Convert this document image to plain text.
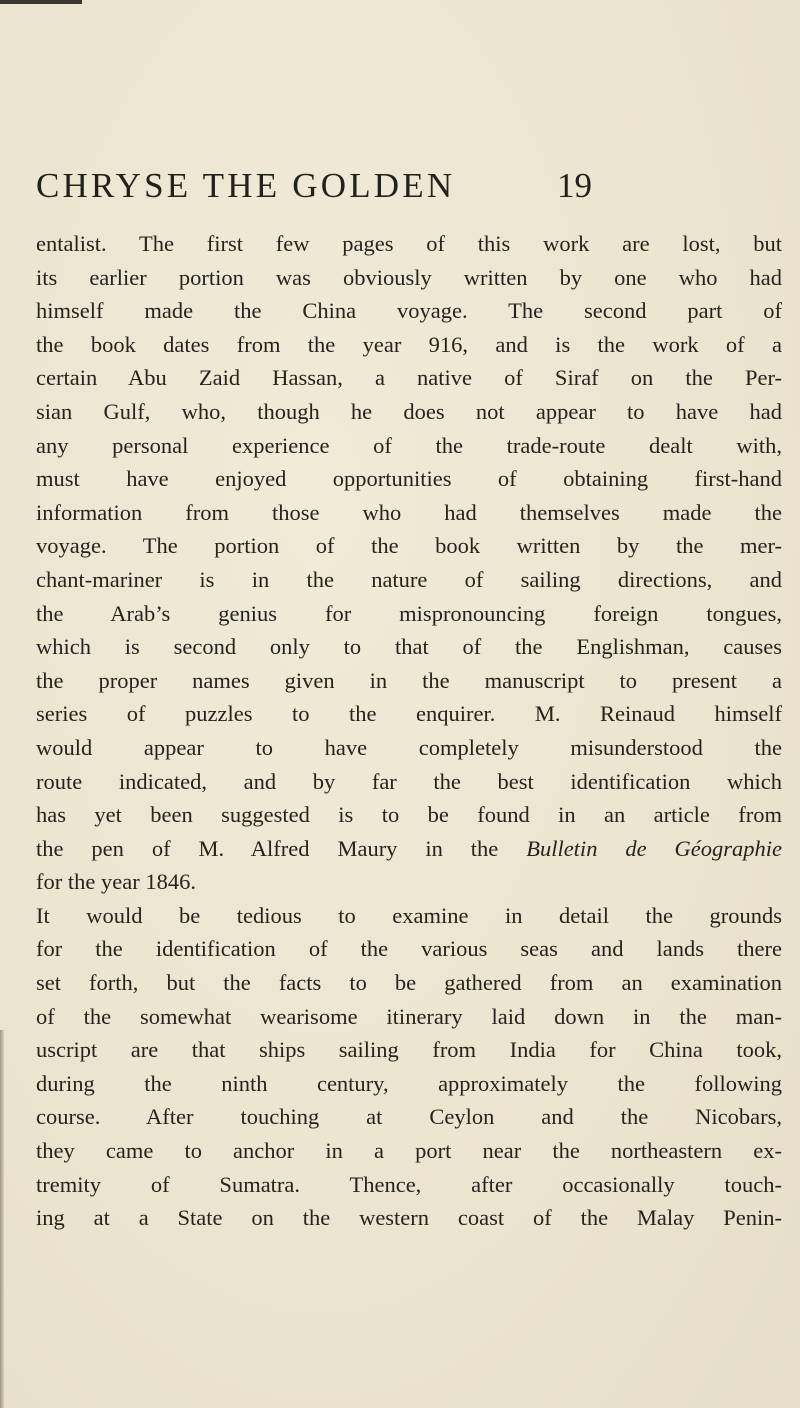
CHRYSE THE GOLDEN	19
entalist. The first few pages of this work are lost, but
its earlier portion was obviously written by one who had
himself made the China voyage. The second part of
the book dates from the year 916, and is the work of a
certain Abu Zaid Hassan, a native of Siraf on the Per-
sian Gulf, who, though he does not appear to have had
any personal experience of the trade-route dealt with,
must have enjoyed opportunities of obtaining first-hand
information from those who had themselves made the
voyage. The portion of the book written by the mer-
chant-mariner is in the nature of sailing directions, and
the Arab’s genius for mispronouncing foreign tongues,
which is second only to that of the Englishman, causes
the proper names given in the manuscript to present a
series of puzzles to the enquirer. M. Reinaud himself
would appear to have completely misunderstood the
route indicated, and by far the best identification which
has yet been suggested is to be found in an article from
the pen of M. Alfred Maury in the Bulletin de Géographie
for the year 1846.
It would be tedious to examine in detail the grounds
for the identification of the various seas and lands there
set forth, but the facts to be gathered from an examination
of the somewhat wearisome itinerary laid down in the man-
uscript are that ships sailing from India for China took,
during the ninth century, approximately the following
course. After touching at Ceylon and the Nicobars,
they came to anchor in a port near the northeastern ex-
tremity of Sumatra. Thence, after occasionally touch-
ing at a State on the western coast of the Malay Penin-
